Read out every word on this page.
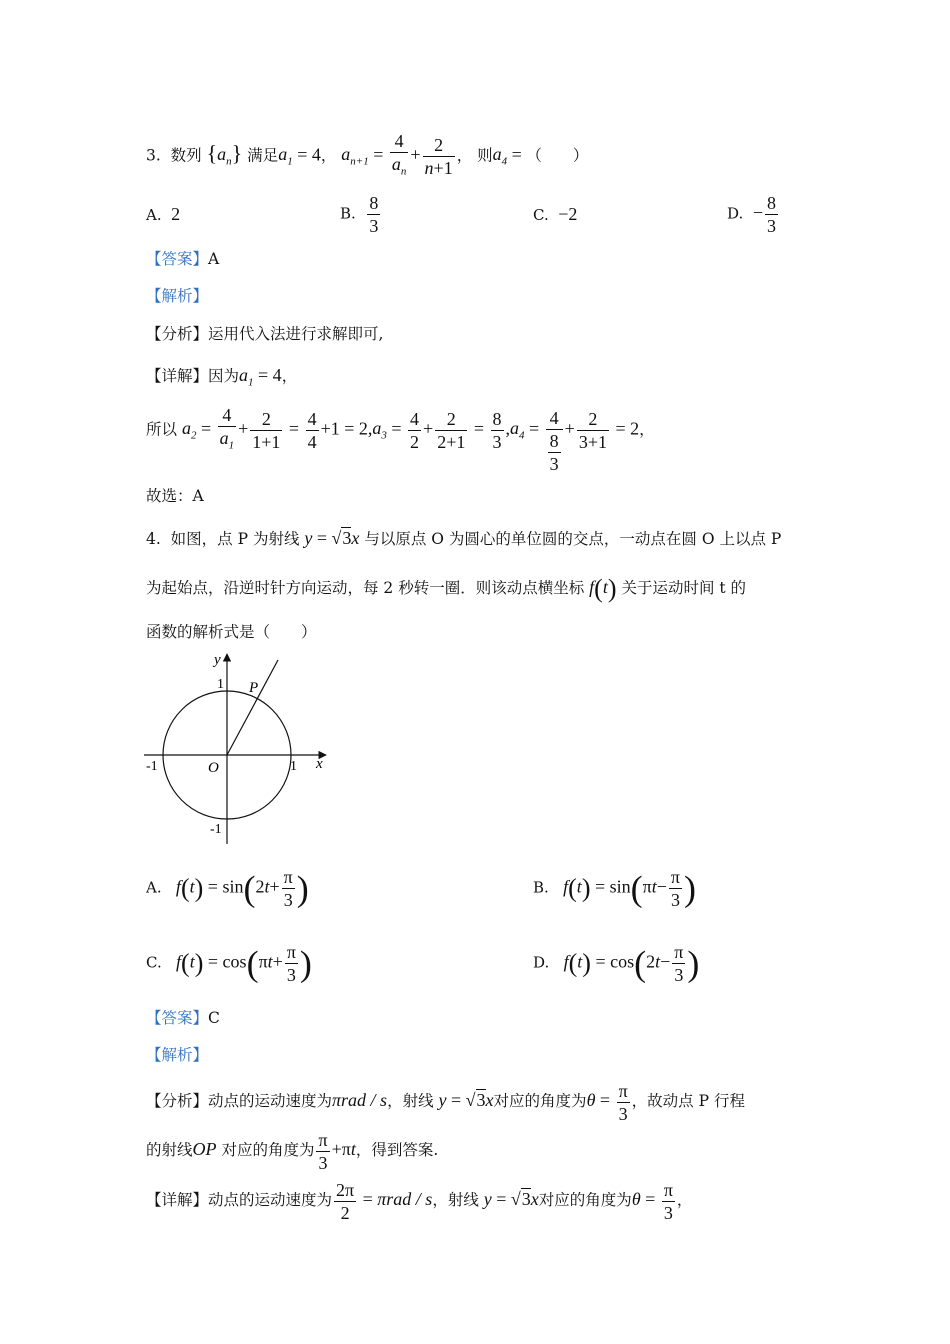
3. 数列 $\{a_n\}$ 满足$a_1 = 4$， $a_{n+1} = \frac{4}{a_n} + \frac{2}{n+1}$ ， 则$a_4$ = （　　）
A. 2	B. $\frac{8}{3}$	C. −2	D. − $\frac{8}{3}$
【答案】A
【解析】
【分析】运用代入法进行求解即可,
【详解】因为$a_1 = 4$，
所以 $a_2 = \frac{4}{a_1} + \frac{2}{1+1} = \frac{4}{4} +1 = 2,a_3 = \frac{4}{2} + \frac{2}{2+1} = \frac{8}{3} ,a_4 = \frac{4}{\frac{8}{3}} + \frac{2}{3+1} = 2$，
故选：A
4. 如图，点 P 为射线 y = √3x 与以原点 O 为圆心的单位圆的交点，一动点在圆 O 上以点 P
为起始点，沿逆时针方向运动，每 2 秒转一圈．则该动点横坐标 f(t) 关于运动时间 t 的
函数的解析式是（　　）
y
x
P
O
1
1
-1
-1
A. $f(t) = \sin(2t+ \frac{\pi}{3}$ )	B. $f(t) = \sin(\pi t- \frac{\pi}{3}$ )
C. $f(t) = \cos(\pi t+ \frac{\pi}{3}$ )	D. $f(t) = \cos(2t- \frac{\pi}{3}$ )
【答案】C
【解析】
【分析】动点的运动速度为πrad / s，射线 y = √3x对应的角度为$\theta = \frac{\pi}{3}$ ，故动点 P 行程
的射线OP 对应的角度为 $\frac{\pi}{3} +\pi t$，得到答案.
【详解】动点的运动速度为 $\frac{2\pi}{2} = \pi rad / s$，射线 y = √3x对应的角度为$\theta = \frac{\pi}{3}$ ，
